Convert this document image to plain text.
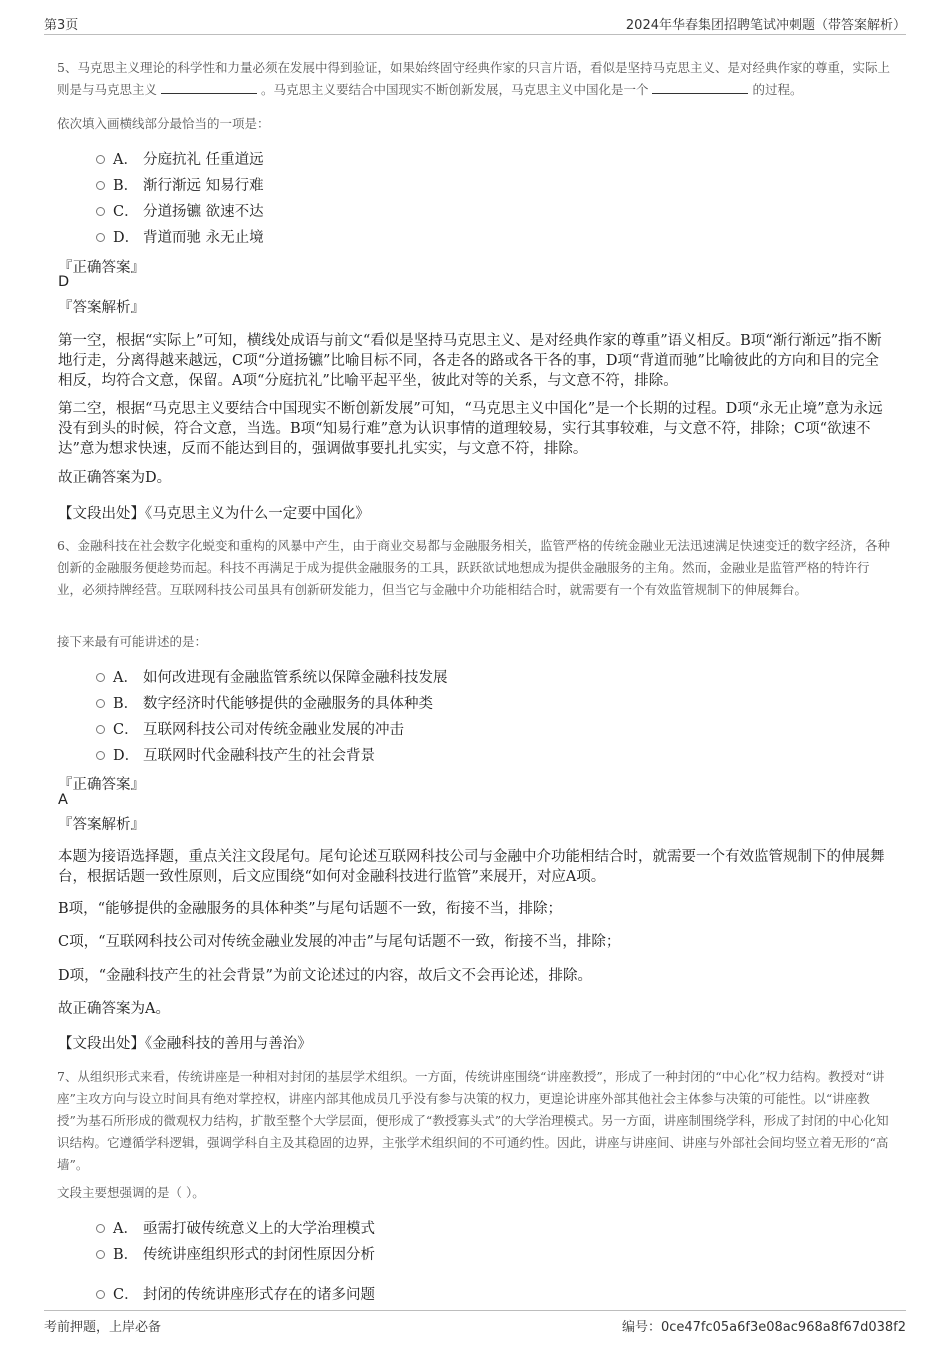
第3页	2024年华春集团招聘笔试冲刺题（带答案解析）
5、马克思主义理论的科学性和力量必须在发展中得到验证，如果始终固守经典作家的只言片语，看似是坚持马克思主义、是对经典作家的尊重，实际上则是与马克思主义	。马克思主义要结合中国现实不断创新发展，马克思主义中国化是一个	的过程。
依次填入画横线部分最恰当的一项是：
A． 分庭抗礼 任重道远
B． 渐行渐远 知易行难
C． 分道扬镳 欲速不达
D． 背道而驰 永无止境
『正确答案』
D
『答案解析』
第一空，根据“实际上”可知，横线处成语与前文“看似是坚持马克思主义、是对经典作家的尊重”语义相反。B项“渐行渐远”指不断地行走，分离得越来越远，C项“分道扬镳”比喻目标不同，各走各的路或各干各的事，D项“背道而驰”比喻彼此的方向和目的完全相反，均符合文意，保留。A项“分庭抗礼”比喻平起平坐，彼此对等的关系，与文意不符，排除。
第二空，根据“马克思主义要结合中国现实不断创新发展”可知，“马克思主义中国化”是一个长期的过程。D项“永无止境”意为永远没有到头的时候，符合文意，当选。B项“知易行难”意为认识事情的道理较易，实行其事较难，与文意不符，排除；C项“欲速不达”意为想求快速，反而不能达到目的，强调做事要扎扎实实，与文意不符，排除。
故正确答案为D。
【文段出处】《马克思主义为什么一定要中国化》
6、金融科技在社会数字化蜕变和重构的风暴中产生，由于商业交易都与金融服务相关，监管严格的传统金融业无法迅速满足快速变迁的数字经济，各种创新的金融服务便趁势而起。科技不再满足于成为提供金融服务的工具，跃跃欲试地想成为提供金融服务的主角。然而，金融业是监管严格的特许行业，必须持牌经营。互联网科技公司虽具有创新研发能力，但当它与金融中介功能相结合时，就需要有一个有效监管规制下的伸展舞台。
接下来最有可能讲述的是：
A． 如何改进现有金融监管系统以保障金融科技发展
B． 数字经济时代能够提供的金融服务的具体种类
C． 互联网科技公司对传统金融业发展的冲击
D． 互联网时代金融科技产生的社会背景
『正确答案』
A
『答案解析』
本题为接语选择题，重点关注文段尾句。尾句论述互联网科技公司与金融中介功能相结合时，就需要一个有效监管规制下的伸展舞台，根据话题一致性原则，后文应围绕“如何对金融科技进行监管”来展开，对应A项。
B项，“能够提供的金融服务的具体种类”与尾句话题不一致，衔接不当，排除；
C项，“互联网科技公司对传统金融业发展的冲击”与尾句话题不一致，衔接不当，排除；
D项，“金融科技产生的社会背景”为前文论述过的内容，故后文不会再论述，排除。
故正确答案为A。
【文段出处】《金融科技的善用与善治》
7、从组织形式来看，传统讲座是一种相对封闭的基层学术组织。一方面，传统讲座围绕“讲座教授”，形成了一种封闭的“中心化”权力结构。教授对“讲座”主攻方向与设立时间具有绝对掌控权，讲座内部其他成员几乎没有参与决策的权力，更遑论讲座外部其他社会主体参与决策的可能性。以“讲座教授”为基石所形成的微观权力结构，扩散至整个大学层面，便形成了“教授寡头式”的大学治理模式。另一方面，讲座制围绕学科，形成了封闭的中心化知识结构。它遵循学科逻辑，强调学科自主及其稳固的边界，主张学术组织间的不可通约性。因此，讲座与讲座间、讲座与外部社会间均竖立着无形的“高墙”。
文段主要想强调的是（ ）。
A． 亟需打破传统意义上的大学治理模式
B． 传统讲座组织形式的封闭性原因分析
C． 封闭的传统讲座形式存在的诸多问题
考前押题，上岸必备	编号：0ce47fc05a6f3e08ac968a8f67d038f2
